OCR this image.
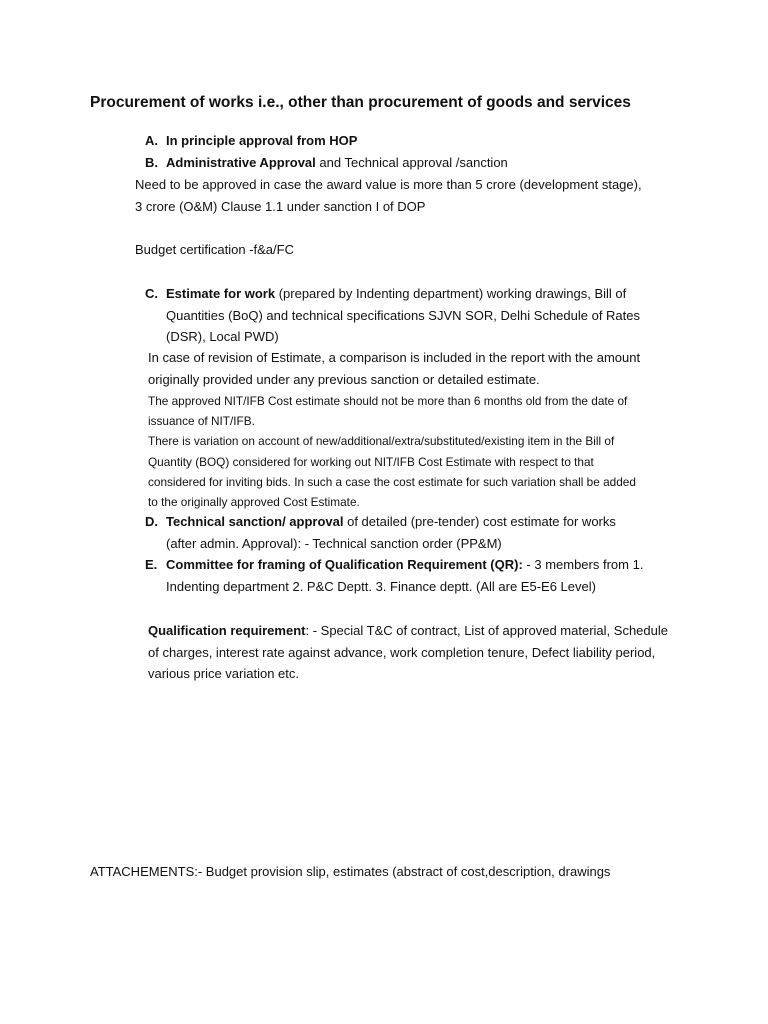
Procurement of works i.e., other than procurement of goods and services
A. In principle approval from HOP
B. Administrative Approval and Technical approval /sanction
Need to be approved in case the award value is more than 5 crore (development stage),
3 crore (O&M) Clause 1.1 under sanction I of DOP
Budget certification -f&a/FC
C. Estimate for work (prepared by Indenting department) working drawings, Bill of Quantities (BoQ) and technical specifications SJVN SOR, Delhi Schedule of Rates (DSR), Local PWD)
In case of revision of Estimate, a comparison is included in the report with the amount
originally provided under any previous sanction or detailed estimate.
The approved NIT/IFB Cost estimate should not be more than 6 months old from the date of
issuance of NIT/IFB.
There is variation on account of new/additional/extra/substituted/existing item in the Bill of
Quantity (BOQ) considered for working out NIT/IFB Cost Estimate with respect to that
considered for inviting bids. In such a case the cost estimate for such variation shall be added
to the originally approved Cost Estimate.
D. Technical sanction/ approval of detailed (pre-tender) cost estimate for works (after admin. Approval): - Technical sanction order (PP&M)
E. Committee for framing of Qualification Requirement (QR): - 3 members from 1. Indenting department 2. P&C Deptt. 3. Finance deptt. (All are E5-E6 Level)
Qualification requirement: - Special T&C of contract, List of approved material, Schedule of charges, interest rate against advance, work completion tenure, Defect liability period, various price variation etc.
ATTACHEMENTS:- Budget provision slip, estimates (abstract of cost,description, drawings
